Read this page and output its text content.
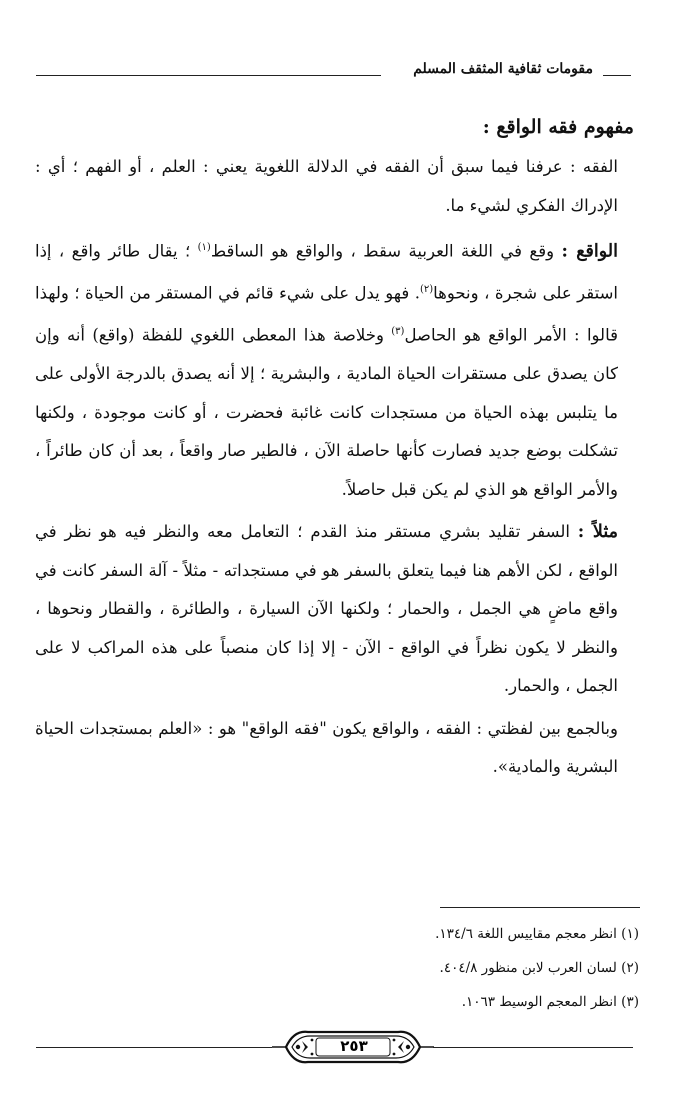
مقومات ثقافية المثقف المسلم
مفهوم فقه الواقع :

الفقه : عرفنا فيما سبق أن الفقه في الدلالة اللغوية يعني : العلم ، أو الفهم ؛ أي : الإدراك الفكري لشيء ما.

الواقع : وقع في اللغة العربية سقط ، والواقع هو الساقط$^{(١)}$ ؛ يقال طائر واقع ، إذا استقر على شجرة ، ونحوها$^{(٢)}$. فهو يدل على شيء قائم في المستقر من الحياة ؛ ولهذا قالوا : الأمر الواقع هو الحاصل$^{(٣)}$ وخلاصة هذا المعطى اللغوي للفظة (واقع) أنه وإن كان يصدق على مستقرات الحياة المادية ، والبشرية ؛ إلا أنه يصدق بالدرجة الأولى على ما يتلبس بهذه الحياة من مستجدات كانت غائبة فحضرت ، أو كانت موجودة ، ولكنها تشكلت بوضع جديد فصارت كأنها حاصلة الآن ، فالطير صار واقعاً ، بعد أن كان طائراً ، والأمر الواقع هو الذي لم يكن قبل حاصلاً.

مثلاً : السفر تقليد بشري مستقر منذ القدم ؛ التعامل معه والنظر فيه هو نظر في الواقع ، لكن الأهم هنا فيما يتعلق بالسفر هو في مستجداته - مثلاً - آلة السفر كانت في واقع ماضٍ هي الجمل ، والحمار ؛ ولكنها الآن السيارة ، والطائرة ، والقطار ونحوها ، والنظر لا يكون نظراً في الواقع - الآن - إلا إذا كان منصباً على هذه المراكب لا على الجمل ، والحمار.

وبالجمع بين لفظتي : الفقه ، والواقع يكون "فقه الواقع" هو : «العلم بمستجدات الحياة البشرية والمادية».

(١) انظر معجم مقاييس اللغة ١٣٤/٦.
(٢) لسان العرب لابن منظور ٤٠٤/٨.
(٣) انظر المعجم الوسيط ١٠٦٣.
٢٥٣
